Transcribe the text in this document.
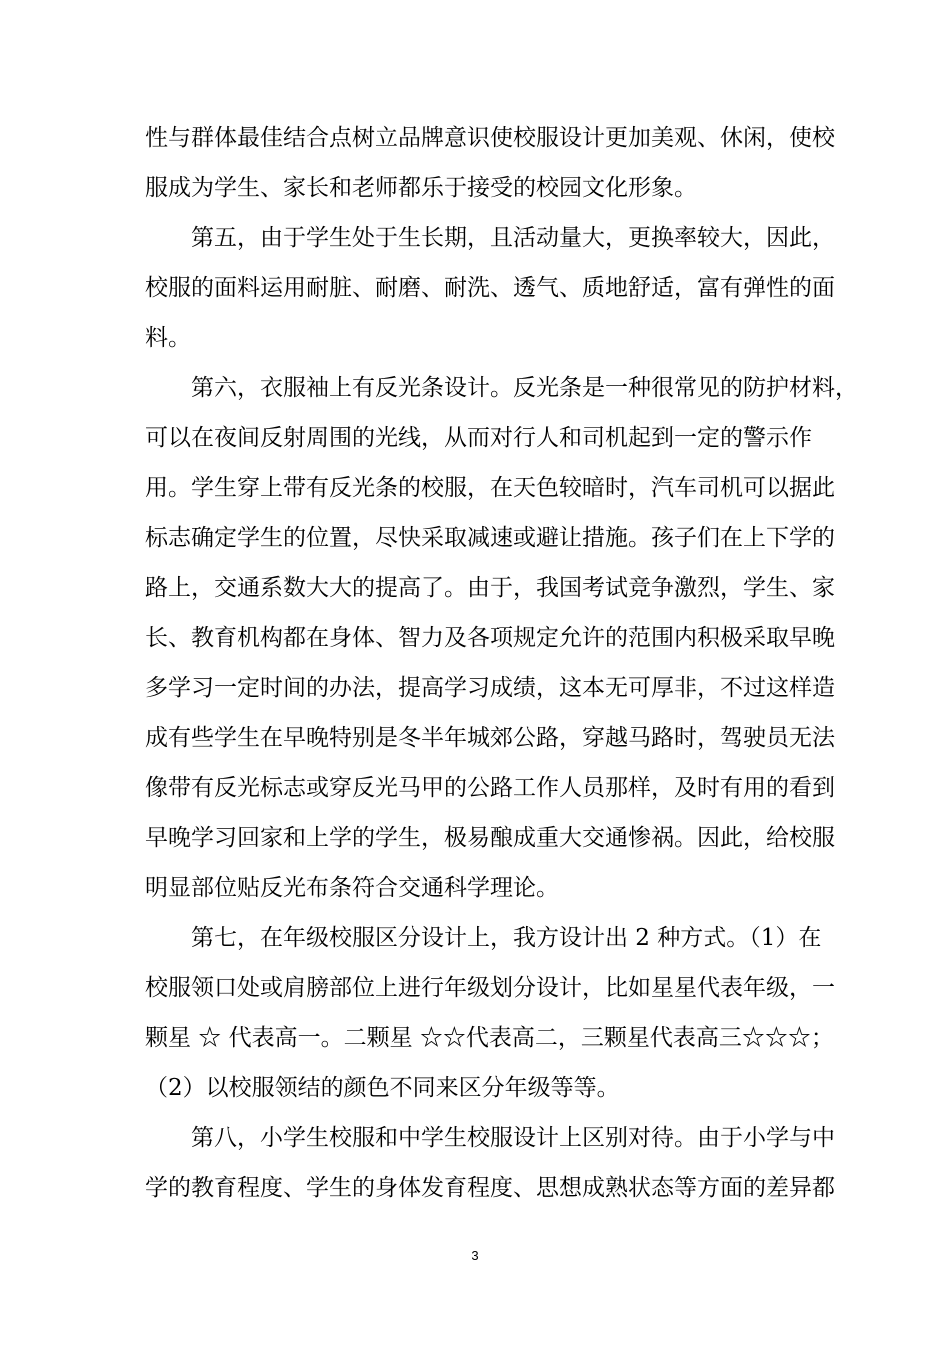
性与群体最佳结合点树立品牌意识使校服设计更加美观、休闲，使校
服成为学生、家长和老师都乐于接受的校园文化形象。
　　第五，由于学生处于生长期，且活动量大，更换率较大，因此，
校服的面料运用耐脏、耐磨、耐洗、透气、质地舒适，富有弹性的面
料。
　　第六，衣服袖上有反光条设计。反光条是一种很常见的防护材料，
可以在夜间反射周围的光线，从而对行人和司机起到一定的警示作
用。学生穿上带有反光条的校服，在天色较暗时，汽车司机可以据此
标志确定学生的位置，尽快采取减速或避让措施。孩子们在上下学的
路上，交通系数大大的提高了。由于，我国考试竞争激烈，学生、家
长、教育机构都在身体、智力及各项规定允许的范围内积极采取早晚
多学习一定时间的办法，提高学习成绩，这本无可厚非，不过这样造
成有些学生在早晚特别是冬半年城郊公路，穿越马路时，驾驶员无法
像带有反光标志或穿反光马甲的公路工作人员那样，及时有用的看到
早晚学习回家和上学的学生，极易酿成重大交通惨祸。因此，给校服
明显部位贴反光布条符合交通科学理论。
　　第七，在年级校服区分设计上，我方设计出 2 种方式。（1）在
校服领口处或肩膀部位上进行年级划分设计，比如星星代表年级，一
颗星 ☆ 代表高一。二颗星 ☆☆代表高二，三颗星代表高三☆☆☆；
（2）以校服领结的颜色不同来区分年级等等。
　　第八，小学生校服和中学生校服设计上区别对待。由于小学与中
学的教育程度、学生的身体发育程度、思想成熟状态等方面的差异都
3
